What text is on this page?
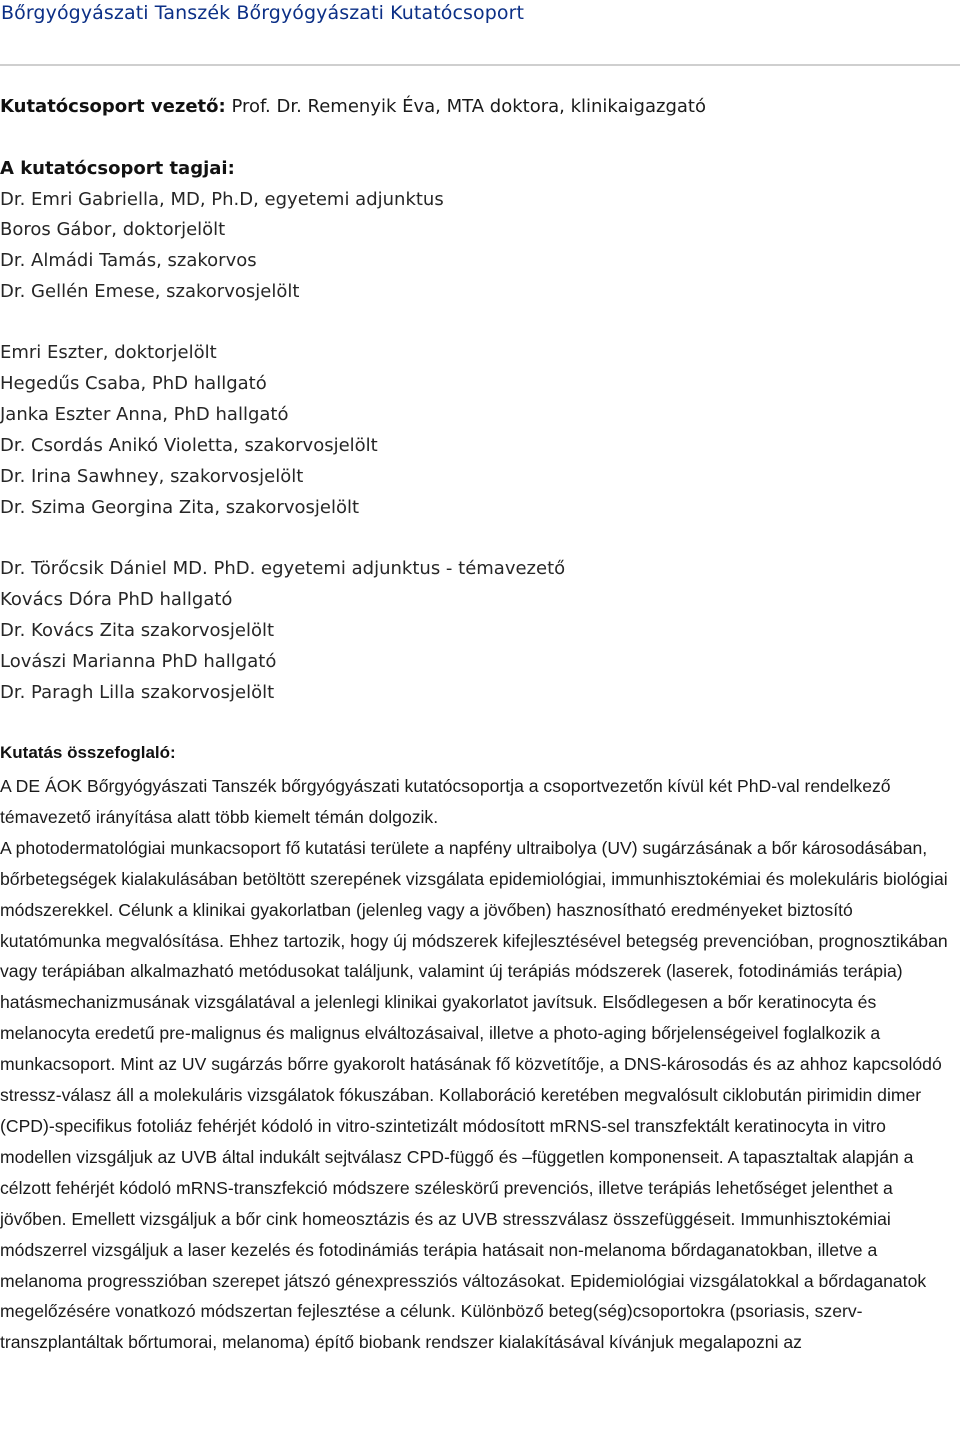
Bőrgyógyászati Tanszék Bőrgyógyászati Kutatócsoport
Kutatócsoport vezető: Prof. Dr. Remenyik Éva, MTA doktora, klinikaigazgató
A kutatócsoport tagjai:
Dr. Emri Gabriella, MD, Ph.D, egyetemi adjunktus
Boros Gábor, doktorjelölt
Dr. Almádi Tamás, szakorvos
Dr. Gellén Emese, szakorvosjelölt
Emri Eszter, doktorjelölt
Hegedűs Csaba, PhD hallgató
Janka Eszter Anna, PhD hallgató
Dr. Csordás Anikó Violetta, szakorvosjelölt
Dr. Irina Sawhney, szakorvosjelölt
Dr. Szima Georgina Zita, szakorvosjelölt
Dr. Törőcsik Dániel MD. PhD. egyetemi adjunktus - témavezető
Kovács Dóra PhD hallgató
Dr. Kovács Zita szakorvosjelölt
Lovászi Marianna PhD hallgató
Dr. Paragh Lilla szakorvosjelölt
Kutatás összefoglaló:

A DE ÁOK Bőrgyógyászati Tanszék bőrgyógyászati kutatócsoportja a csoportvezetőn kívül két PhD-val rendelkező témavezető irányítása alatt több kiemelt témán dolgozik.

A photodermatológiai munkacsoport fő kutatási területe a napfény ultraibolya (UV) sugárzásának a bőr károsodásában, bőrbetegségek kialakulásában betöltött szerepének vizsgálata epidemiológiai, immunhisztokémiai és molekuláris biológiai módszerekkel. Célunk a klinikai gyakorlatban (jelenleg vagy a jövőben) hasznosítható eredményeket biztosító kutatómunka megvalósítása. Ehhez tartozik, hogy új módszerek kifejlesztésével betegség prevencióban, prognosztikában vagy terápiában alkalmazható metódusokat találjunk, valamint új terápiás módszerek (laserek, fotodinámiás terápia) hatásmechanizmusának vizsgálatával a jelenlegi klinikai gyakorlatot javítsuk. Elsődlegesen a bőr keratinocyta és melanocyta eredetű pre-malignus és malignus elváltozásaival, illetve a photo-aging bőrjelenségeivel foglalkozik a munkacsoport. Mint az UV sugárzás bőrre gyakorolt hatásának fő közvetítője, a DNS-károsodás és az ahhoz kapcsolódó stressz-válasz áll a molekuláris vizsgálatok fókuszában. Kollaboráció keretében megvalósult ciklobután pirimidin dimer (CPD)-specifikus fotoliáz fehérjét kódoló in vitro-szintetizált módosított mRNS-sel transzfektált keratinocyta in vitro modellen vizsgáljuk az UVB által indukált sejtválasz CPD-függő és –független komponenseit. A tapasztaltak alapján a célzott fehérjét kódoló mRNS-transzfekció módszere széleskörű prevenciós, illetve terápiás lehetőséget jelenthet a jövőben. Emellett vizsgáljuk a bőr cink homeosztázis és az UVB stresszválasz összefüggéseit. Immunhisztokémiai módszerrel vizsgáljuk a laser kezelés és fotodinámiás terápia hatásait non-melanoma bőrdaganatokban, illetve a melanoma progresszióban szerepet játszó génexpressziós változásokat. Epidemiológiai vizsgálatokkal a bőrdaganatok megelőzésére vonatkozó módszertan fejlesztése a célunk. Különböző beteg(ség)csoportokra (psoriasis, szerv-transzplantáltak bőrtumorai, melanoma) építő biobank rendszer kialakításával kívánjuk megalapozni az
